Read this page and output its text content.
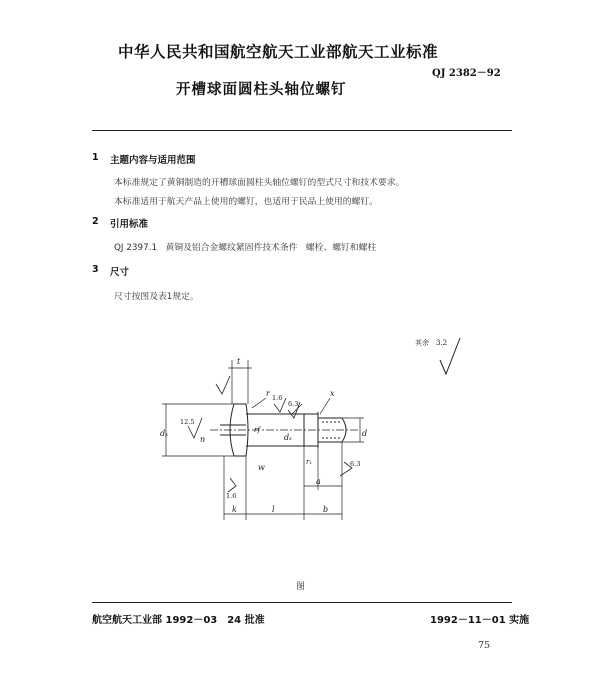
中华人民共和国航空航天工业部航天工业标准
QJ 2382－92
开槽球面圆柱头轴位螺钉
1 主题内容与适用范围
本标准规定了黄铜制造的开槽球面圆柱头轴位螺钉的型式尺寸和技术要求。
本标准适用于航天产品上使用的螺钉，也适用于民品上使用的螺钉。
2 引用标准
QJ 2397.1   黄铜及铝合金螺纹紧固件技术条件   螺栓、螺钉和螺柱
3 尺寸
尺寸按图及表1规定。
其余 3.2
t
r	x
k	l	b
a
d
dₖ	dₛ
n
w
rf
r₁
12.5
1.6
6.3
1.6
6.3
图
航空航天工业部 1992－03　24 批准	1992－11－01 实施
75
